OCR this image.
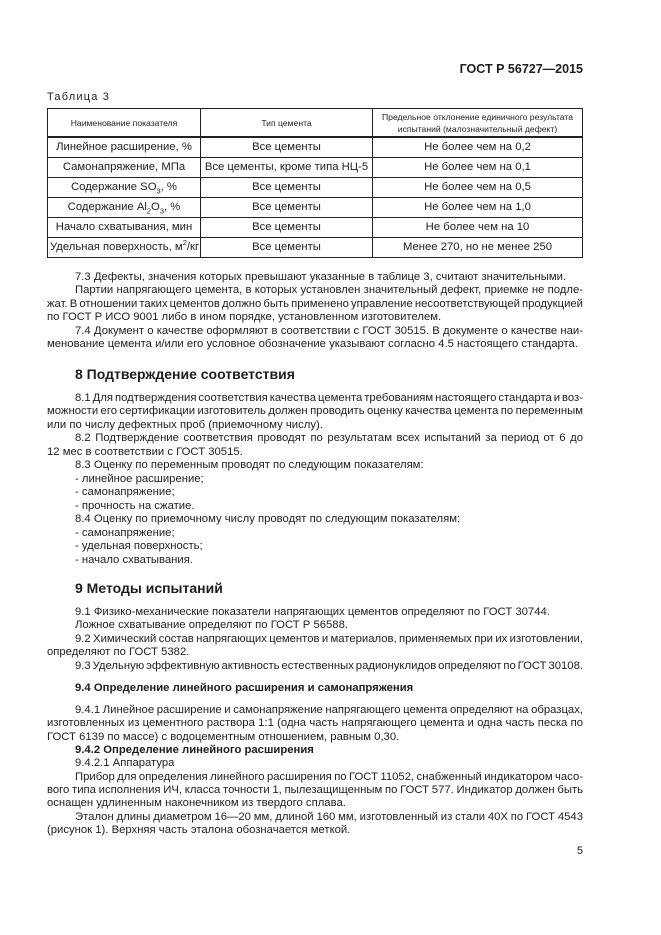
ГОСТ Р 56727—2015
Таблица 3
Наименование показателя	Тип цемента	Предельное отклонение единичного результата испытаний (малозначительный дефект)
Линейное расширение, %	Все цементы	Не более чем на 0,2
Самонапряжение, МПа	Все цементы, кроме типа НЦ-5	Не более чем на 0,1
Содержание $SO_3$, %	Все цементы	Не более чем на 0,5
Содержание $Al_2O_3$, %	Все цементы	Не более чем на 1,0
Начало схватывания, мин	Все цементы	Не более чем на 10
Удельная поверхность, $м^2/кг$	Все цементы	Менее 270, но не менее 250
7.3 Дефекты, значения которых превышают указанные в таблице 3, считают значительными.
Партии напрягающего цемента, в которых установлен значительный дефект, приемке не подле-
жат. В отношении таких цементов должно быть применено управление несоответствующей продукцией
по ГОСТ Р ИСО 9001 либо в ином порядке, установленном изготовителем.
7.4 Документ о качестве оформляют в соответствии с ГОСТ 30515. В документе о качестве наи-
менование цемента и/или его условное обозначение указывают согласно 4.5 настоящего стандарта.
8 Подтверждение соответствия
8.1 Для подтверждения соответствия качества цемента требованиям настоящего стандарта и воз-
можности его сертификации изготовитель должен проводить оценку качества цемента по переменным
или по числу дефектных проб (приемочному числу).
8.2 Подтверждение соответствия проводят по результатам всех испытаний за период от 6 до
12 мес в соответствии с ГОСТ 30515.
8.3 Оценку по переменным проводят по следующим показателям:
- линейное расширение;
- самонапряжение;
- прочность на сжатие.
8.4 Оценку по приемочному числу проводят по следующим показателям:
- самонапряжение;
- удельная поверхность;
- начало схватывания.
9 Методы испытаний
9.1 Физико-механические показатели напрягающих цементов определяют по ГОСТ 30744.
Ложное схватывание определяют по ГОСТ Р 56588.
9.2 Химический состав напрягающих цементов и материалов, применяемых при их изготовлении,
определяют по ГОСТ 5382.
9.3 Удельную эффективную активность естественных радионуклидов определяют по ГОСТ 30108.
9.4 Определение линейного расширения и самонапряжения
9.4.1 Линейное расширение и самонапряжение напрягающего цемента определяют на образцах,
изготовленных из цементного раствора 1:1 (одна часть напрягающего цемента и одна часть песка по
ГОСТ 6139 по массе) с водоцементным отношением, равным 0,30.
9.4.2 Определение линейного расширения
9.4.2.1 Аппаратура
Прибор для определения линейного расширения по ГОСТ 11052, снабженный индикатором часо-
вого типа исполнения ИЧ, класса точности 1, пылезащищенным по ГОСТ 577. Индикатор должен быть
оснащен удлиненным наконечником из твердого сплава.
Эталон длины диаметром 16—20 мм, длиной 160 мм, изготовленный из стали 40Х по ГОСТ 4543
(рисунок 1). Верхняя часть эталона обозначается меткой.
5
